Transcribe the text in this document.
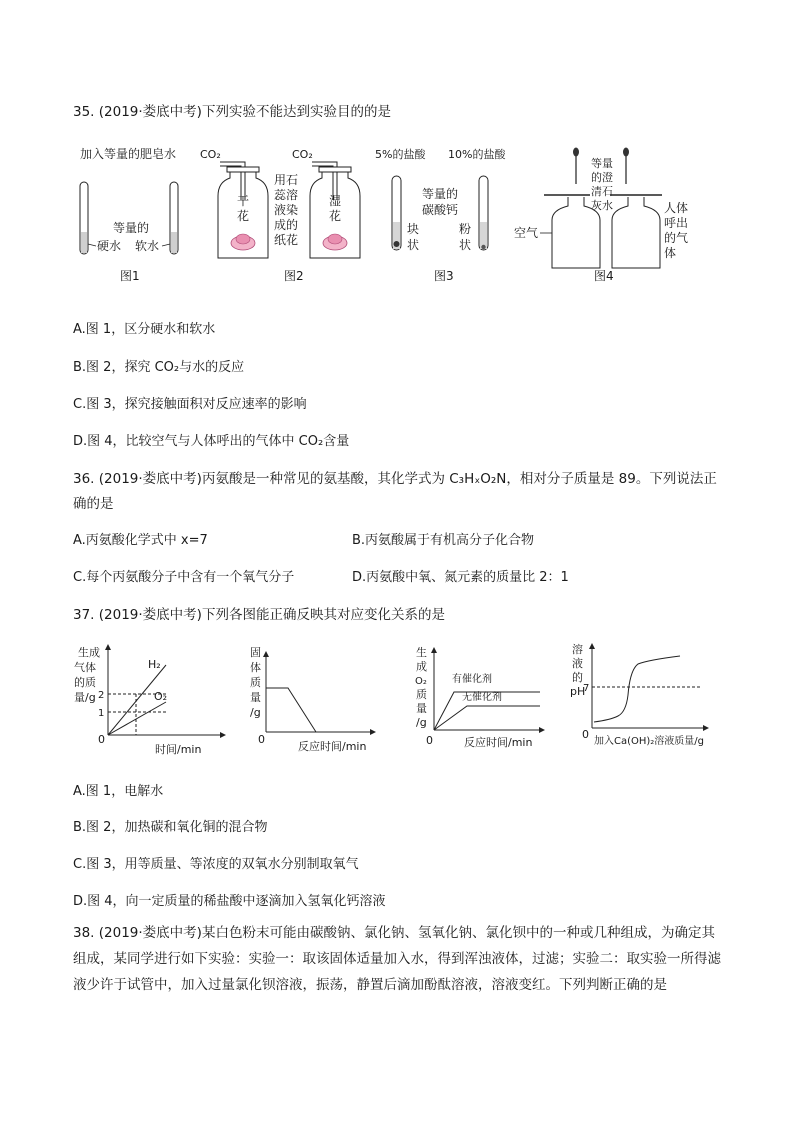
35. (2019·娄底中考)下列实验不能达到实验目的的是
加入等量的肥皂水
等量的
硬水 软水
图1
CO₂
干
花
CO₂
湿
花
用石
蕊溶
液染
成的
纸花
图2
5%的盐酸 10%的盐酸
等量的
碳酸钙
块
状
粉
状
图3
等量
的澄
清石
灰水
空气
人体
呼出
的气
体
图4
A.图 1，区分硬水和软水
B.图 2，探究 CO₂与水的反应
C.图 3，探究接触面积对反应速率的影响
D.图 4，比较空气与人体呼出的气体中 CO₂含量
36. (2019·娄底中考)丙氨酸是一种常见的氨基酸，其化学式为 C₃HₓO₂N，相对分子质量是 89。下列说法正
确的是
A.丙氨酸化学式中 x=7	B.丙氨酸属于有机高分子化合物
C.每个丙氨酸分子中含有一个氧气分子	D.丙氨酸中氧、氮元素的质量比 2：1
37. (2019·娄底中考)下列各图能正确反映其对应变化关系的是
生成
气体
的质
量/g
0
2
1
H₂
O₂
时间/min
固
体
质
量
/g
0
反应时间/min
生
成
O₂
质
量
/g
0
有催化剂
无催化剂
反应时间/min
溶
液
的
pH
0
7
加入Ca(OH)₂溶液质量/g
A.图 1，电解水
B.图 2，加热碳和氧化铜的混合物
C.图 3，用等质量、等浓度的双氧水分别制取氧气
D.图 4，向一定质量的稀盐酸中逐滴加入氢氧化钙溶液
38. (2019·娄底中考)某白色粉末可能由碳酸钠、氯化钠、氢氧化钠、氯化钡中的一种或几种组成，为确定其组成，某同学进行如下实验：实验一：取该固体适量加入水，得到浑浊液体，过滤；实验二：取实验一所得滤液少许于试管中，加入过量氯化钡溶液，振荡，静置后滴加酚酞溶液，溶液变红。下列判断正确的是
